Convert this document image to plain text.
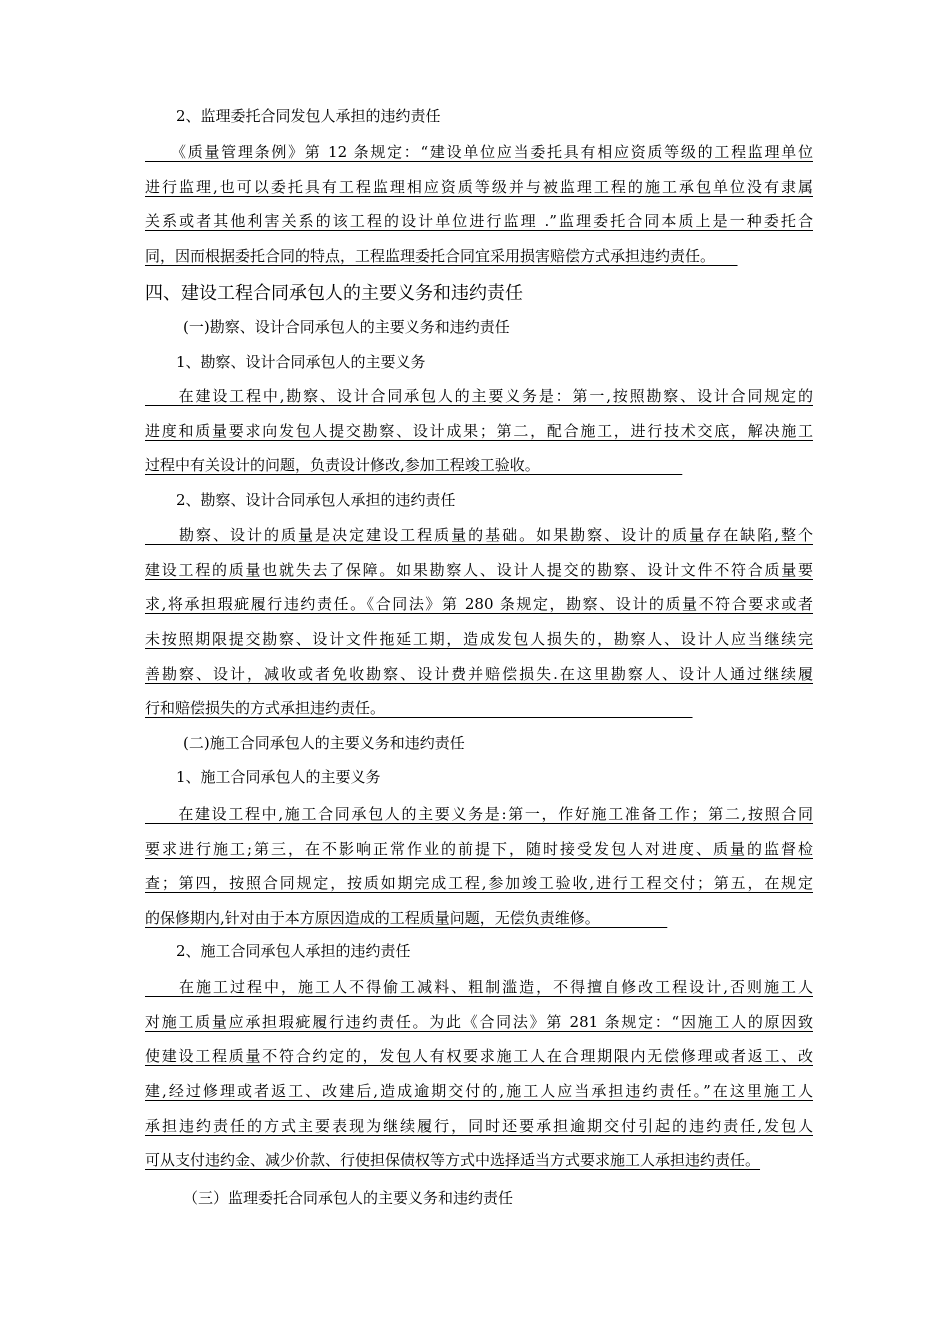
2、监理委托合同发包人承担的违约责任
　　《质量管理条例》第 12 条规定：“建设单位应当委托具有相应资质等级的工程监理单位
进行监理,也可以委托具有工程监理相应资质等级并与被监理工程的施工承包单位没有隶属
关系或者其他利害关系的该工程的设计单位进行监理 .”监理委托合同本质上是一种委托合
同，因而根据委托合同的特点，工程监理委托合同宜采用损害赔偿方式承担违约责任。　　
四、建设工程合同承包人的主要义务和违约责任
(一)勘察、设计合同承包人的主要义务和违约责任
1、勘察、设计合同承包人的主要义务
　　在建设工程中,勘察、设计合同承包人的主要义务是：第一,按照勘察、设计合同规定的
进度和质量要求向发包人提交勘察、设计成果；第二，配合施工，进行技术交底，解决施工
过程中有关设计的问题，负责设计修改,参加工程竣工验收。　　　　　　　　　　
2、勘察、设计合同承包人承担的违约责任
　　勘察、设计的质量是决定建设工程质量的基础。如果勘察、设计的质量存在缺陷,整个
建设工程的质量也就失去了保障。如果勘察人、设计人提交的勘察、设计文件不符合质量要
求,将承担瑕疵履行违约责任。《合同法》第 280 条规定，勘察、设计的质量不符合要求或者
未按照期限提交勘察、设计文件拖延工期，造成发包人损失的，勘察人、设计人应当继续完
善勘察、设计，减收或者免收勘察、设计费并赔偿损失.在这里勘察人、设计人通过继续履
行和赔偿损失的方式承担违约责任。　　　　　　　　　　　　　　　　　　　　　
(二)施工合同承包人的主要义务和违约责任
1、施工合同承包人的主要义务
　　在建设工程中,施工合同承包人的主要义务是:第一，作好施工准备工作；第二,按照合同
要求进行施工;第三，在不影响正常作业的前提下，随时接受发包人对进度、质量的监督检
查；第四，按照合同规定，按质如期完成工程,参加竣工验收,进行工程交付；第五，在规定
的保修期内,针对由于本方原因造成的工程质量问题，无偿负责维修。　　　　　
2、施工合同承包人承担的违约责任
　　在施工过程中，施工人不得偷工减料、粗制滥造，不得擅自修改工程设计,否则施工人
对施工质量应承担瑕疵履行违约责任。为此《合同法》第 281 条规定：“因施工人的原因致
使建设工程质量不符合约定的，发包人有权要求施工人在合理期限内无偿修理或者返工、改
建,经过修理或者返工、改建后,造成逾期交付的,施工人应当承担违约责任。”在这里施工人
承担违约责任的方式主要表现为继续履行，同时还要承担逾期交付引起的违约责任,发包人
可从支付违约金、减少价款、行使担保债权等方式中选择适当方式要求施工人承担违约责任。
（三）监理委托合同承包人的主要义务和违约责任
